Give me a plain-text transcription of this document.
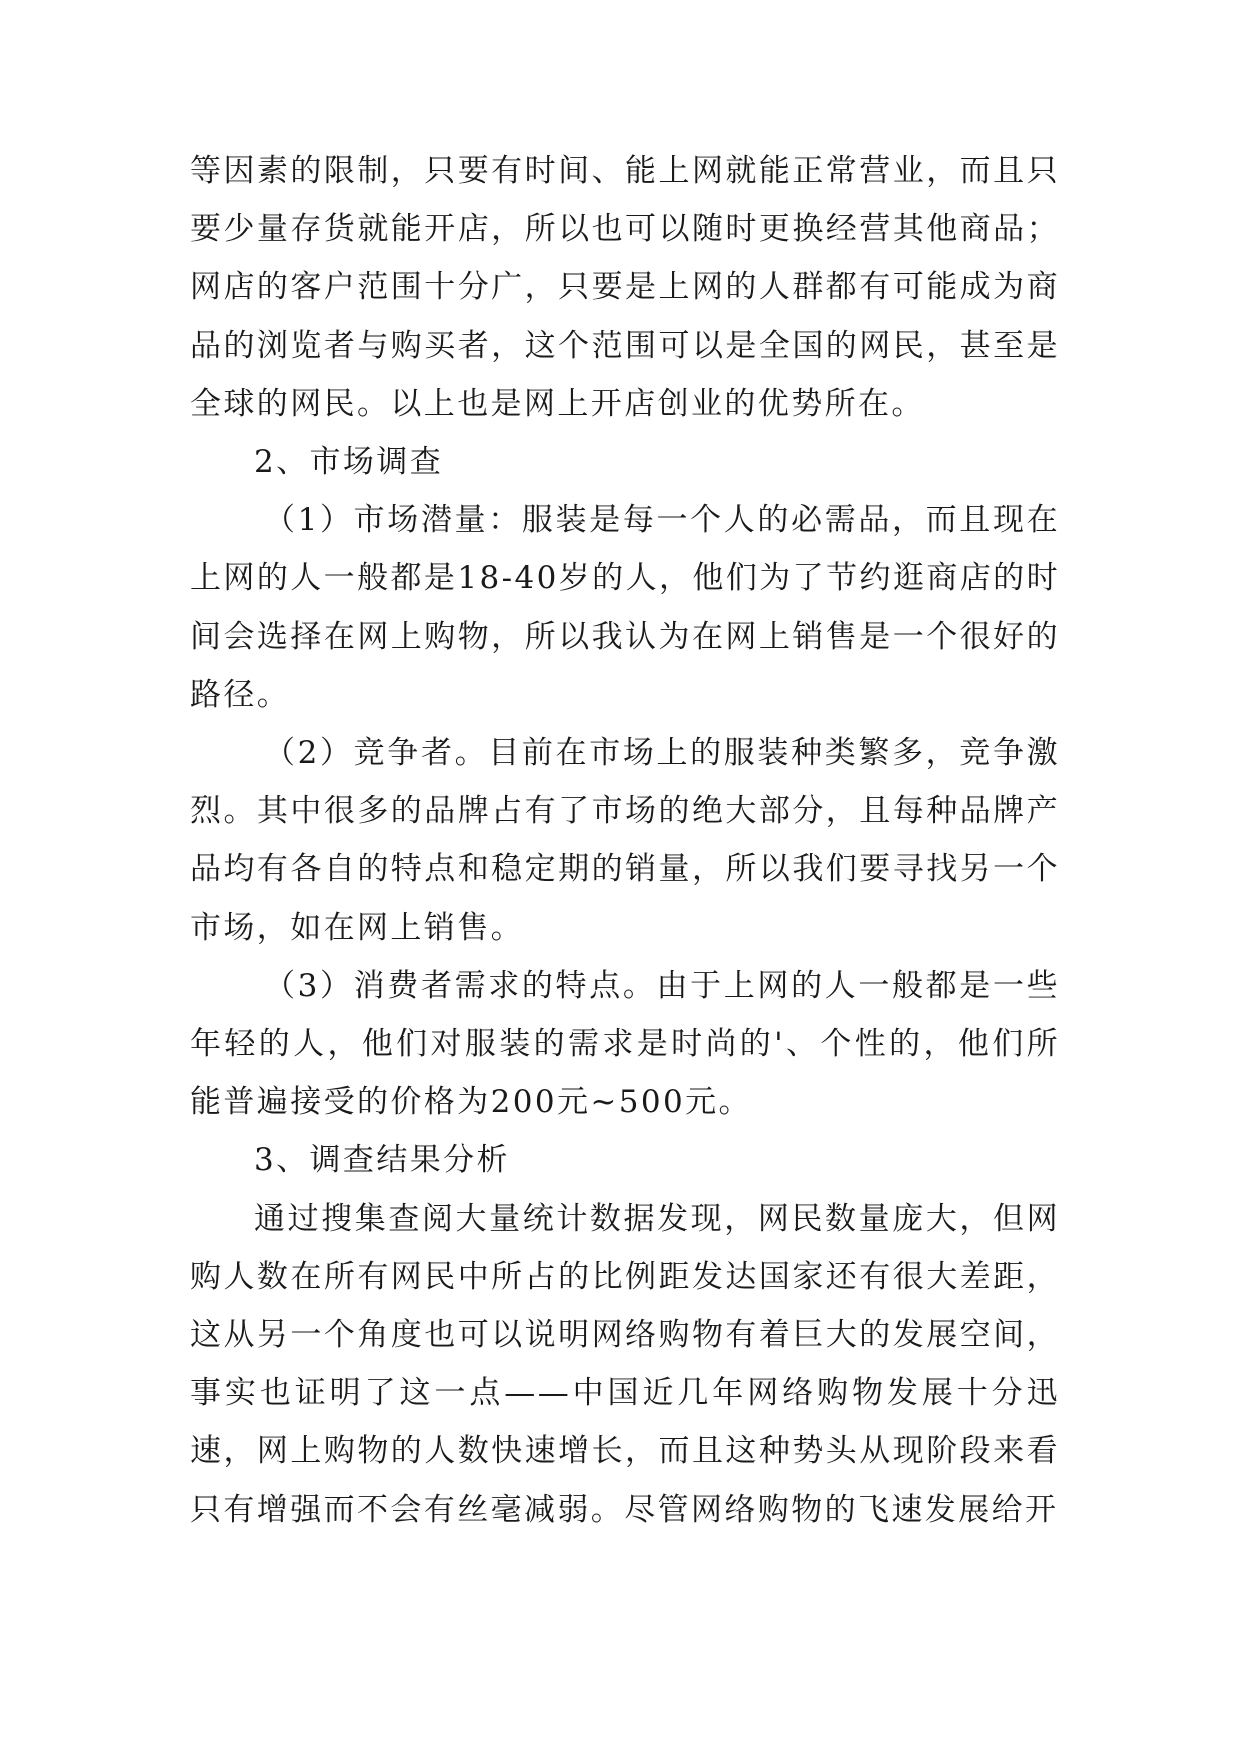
等因素的限制，只要有时间、能上网就能正常营业，而且只要少量存货就能开店，所以也可以随时更换经营其他商品；网店的客户范围十分广，只要是上网的人群都有可能成为商品的浏览者与购买者，这个范围可以是全国的网民，甚至是全球的网民。以上也是网上开店创业的优势所在。

2、市场调查

（1）市场潜量：服装是每一个人的必需品，而且现在上网的人一般都是18-40岁的人，他们为了节约逛商店的时间会选择在网上购物，所以我认为在网上销售是一个很好的路径。

（2）竞争者。目前在市场上的服装种类繁多，竞争激烈。其中很多的品牌占有了市场的绝大部分，且每种品牌产品均有各自的特点和稳定期的销量，所以我们要寻找另一个市场，如在网上销售。

（3）消费者需求的特点。由于上网的人一般都是一些年轻的人，他们对服装的需求是时尚的'、个性的，他们所能普遍接受的价格为200元~500元。

3、调查结果分析

通过搜集查阅大量统计数据发现，网民数量庞大，但网购人数在所有网民中所占的比例距发达国家还有很大差距，这从另一个角度也可以说明网络购物有着巨大的发展空间，事实也证明了这一点——中国近几年网络购物发展十分迅速，网上购物的人数快速增长，而且这种势头从现阶段来看只有增强而不会有丝毫减弱。尽管网络购物的飞速发展给开
